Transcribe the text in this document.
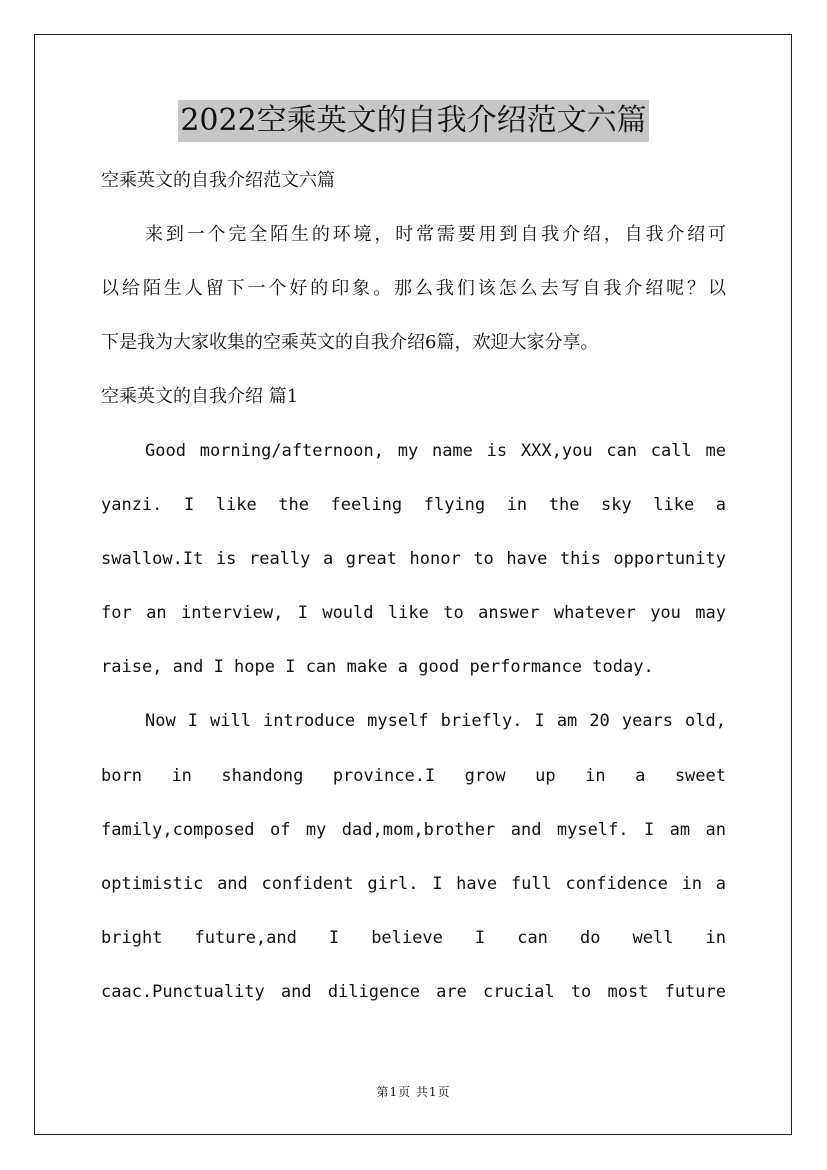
2022空乘英文的自我介绍范文六篇
空乘英文的自我介绍范文六篇
来到一个完全陌生的环境，时常需要用到自我介绍，自我介绍可
以给陌生人留下一个好的印象。那么我们该怎么去写自我介绍呢？以
下是我为大家收集的空乘英文的自我介绍6篇，欢迎大家分享。
空乘英文的自我介绍 篇1
Good morning/afternoon, my name is XXX,you can call me
yanzi. I like the feeling flying in the sky like a
swallow.It is really a great honor to have this opportunity
for an interview, I would like to answer whatever you may
raise, and I hope I can make a good performance today.
Now I will introduce myself briefly. I am 20 years old,
born in shandong province.I grow up in a sweet
family,composed of my dad,mom,brother and myself. I am an
optimistic and confident girl. I have full confidence in a
bright future,and I believe I can do well in
caac.Punctuality and diligence are crucial to most future
第1页 共1页
